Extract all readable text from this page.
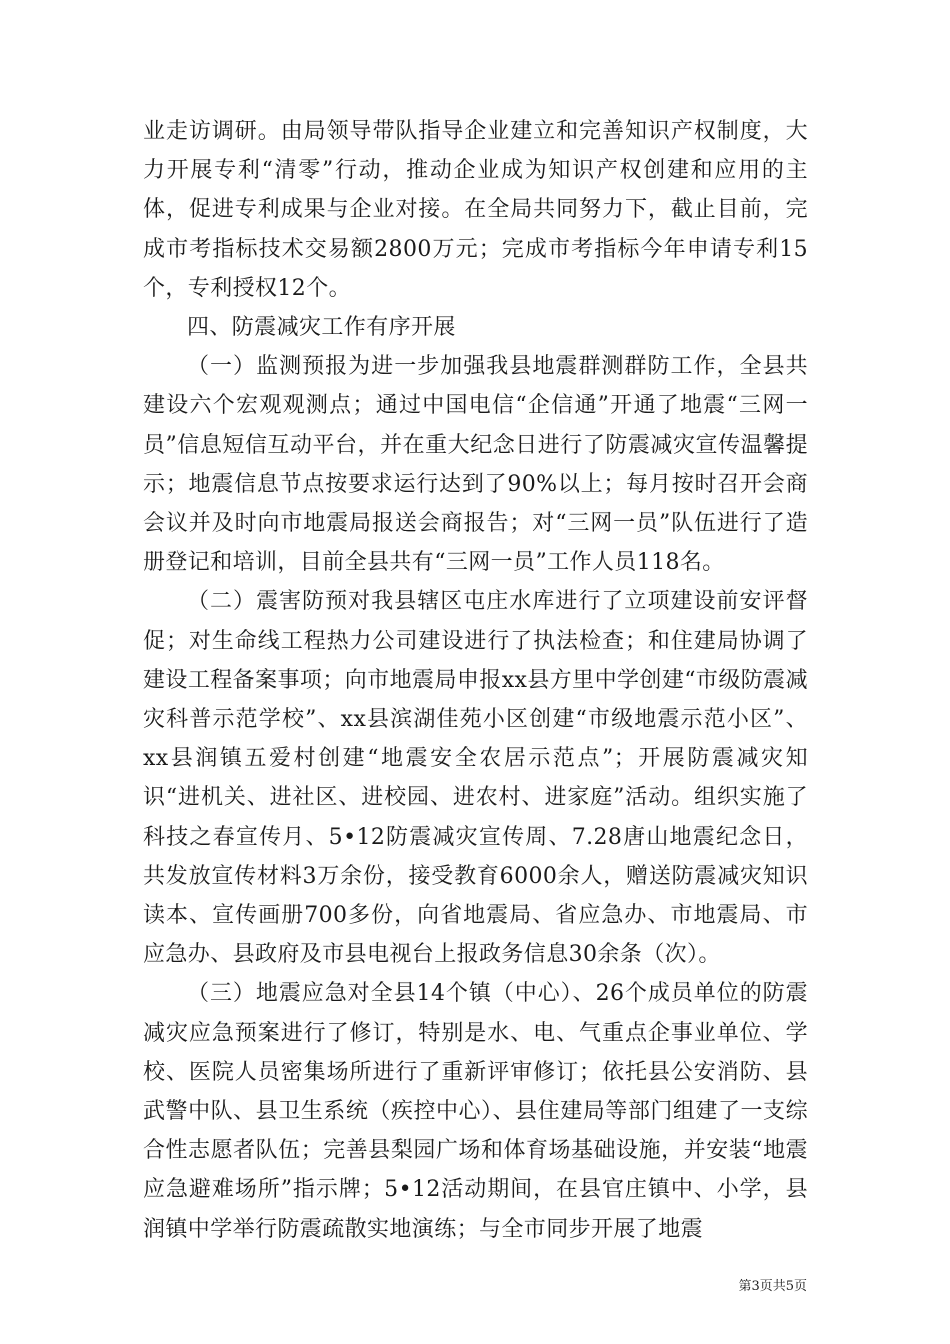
业走访调研。由局领导带队指导企业建立和完善知识产权制度，大力开展专利“清零”行动，推动企业成为知识产权创建和应用的主体，促进专利成果与企业对接。在全局共同努力下，截止目前，完成市考指标技术交易额2800万元；完成市考指标今年申请专利15个，专利授权12个。

四、防震减灾工作有序开展

（一）监测预报为进一步加强我县地震群测群防工作，全县共建设六个宏观观测点；通过中国电信“企信通”开通了地震“三网一员”信息短信互动平台，并在重大纪念日进行了防震减灾宣传温馨提示；地震信息节点按要求运行达到了90%以上；每月按时召开会商会议并及时向市地震局报送会商报告；对“三网一员”队伍进行了造册登记和培训，目前全县共有“三网一员”工作人员118名。

（二）震害防预对我县辖区屯庄水库进行了立项建设前安评督促；对生命线工程热力公司建设进行了执法检查；和住建局协调了建设工程备案事项；向市地震局申报xx县方里中学创建“市级防震减灾科普示范学校”、xx县滨湖佳苑小区创建“市级地震示范小区”、xx县润镇五爱村创建“地震安全农居示范点”；开展防震减灾知识“进机关、进社区、进校园、进农村、进家庭”活动。组织实施了科技之春宣传月、5•12防震减灾宣传周、7.28唐山地震纪念日，共发放宣传材料3万余份，接受教育6000余人，赠送防震减灾知识读本、宣传画册700多份，向省地震局、省应急办、市地震局、市应急办、县政府及市县电视台上报政务信息30余条（次）。

（三）地震应急对全县14个镇（中心）、26个成员单位的防震减灾应急预案进行了修订，特别是水、电、气重点企事业单位、学校、医院人员密集场所进行了重新评审修订；依托县公安消防、县武警中队、县卫生系统（疾控中心）、县住建局等部门组建了一支综合性志愿者队伍；完善县梨园广场和体育场基础设施，并安装“地震应急避难场所”指示牌；5•12活动期间，在县官庄镇中、小学，县润镇中学举行防震疏散实地演练；与全市同步开展了地震

第3页共5页
